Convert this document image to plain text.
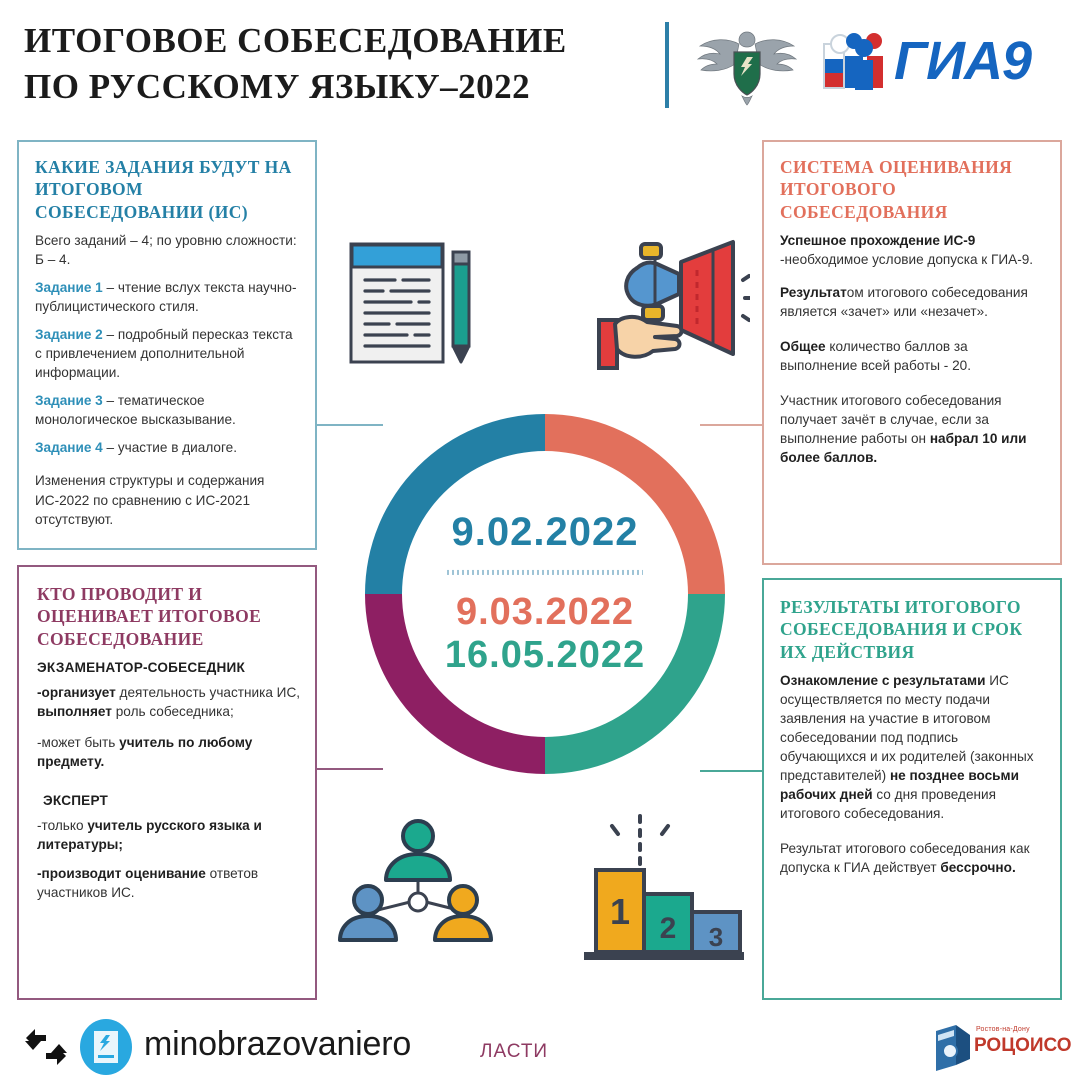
ИТОГОВОЕ СОБЕСЕДОВАНИЕ
ПО РУССКОМУ ЯЗЫКУ–2022	ГИА9
КАКИЕ ЗАДАНИЯ БУДУТ НА ИТОГОВОМ СОБЕСЕДОВАНИИ (ИС)

Всего заданий – 4; по уровню сложности: Б – 4.

Задание 1 – чтение вслух текста научно-публицистического стиля.

Задание 2 – подробный пересказ текста с привлечением дополнительной информации.

Задание 3 – тематическое монологическое высказывание.

Задание 4 – участие в диалоге.

Изменения структуры и содержания ИС-2022 по сравнению с ИС-2021 отсутствуют.

КТО ПРОВОДИТ И ОЦЕНИВАЕТ ИТОГОВОЕ СОБЕСЕДОВАНИЕ
ЭКЗАМЕНАТОР-СОБЕСЕДНИК

-организует деятельность участника ИС, выполняет роль собеседника;

-может быть учитель по любому предмету.

ЭКСПЕРТ

-только учитель русского языка и литературы;

-производит оценивание ответов участников ИС.

СИСТЕМА ОЦЕНИВАНИЯ ИТОГОВОГО СОБЕСЕДОВАНИЯ

Успешное прохождение ИС-9 -необходимое условие допуска к ГИА-9.

Результатом итогового собеседования является «зачет» или «незачет».

Общее количество баллов за выполнение всей работы - 20.

Участник итогового собеседования получает зачёт в случае, если за выполнение работы он набрал 10 или более баллов.

РЕЗУЛЬТАТЫ ИТОГОВОГО СОБЕСЕДОВАНИЯ И СРОК ИХ ДЕЙСТВИЯ

Ознакомление с результатами ИС осуществляется по месту подачи заявления на участие в итоговом собеседовании под подпись обучающихся и их родителей (законных представителей) не позднее восьми рабочих дней со дня проведения итогового собеседования.

Результат итогового собеседования как допуска к ГИА действует бессрочно.

9.02.2022
9.03.2022
16.05.2022
1 2 3
minobrazovaniero	ЛАСТИ
Ростов-на-Дону
РОЦОИСО
